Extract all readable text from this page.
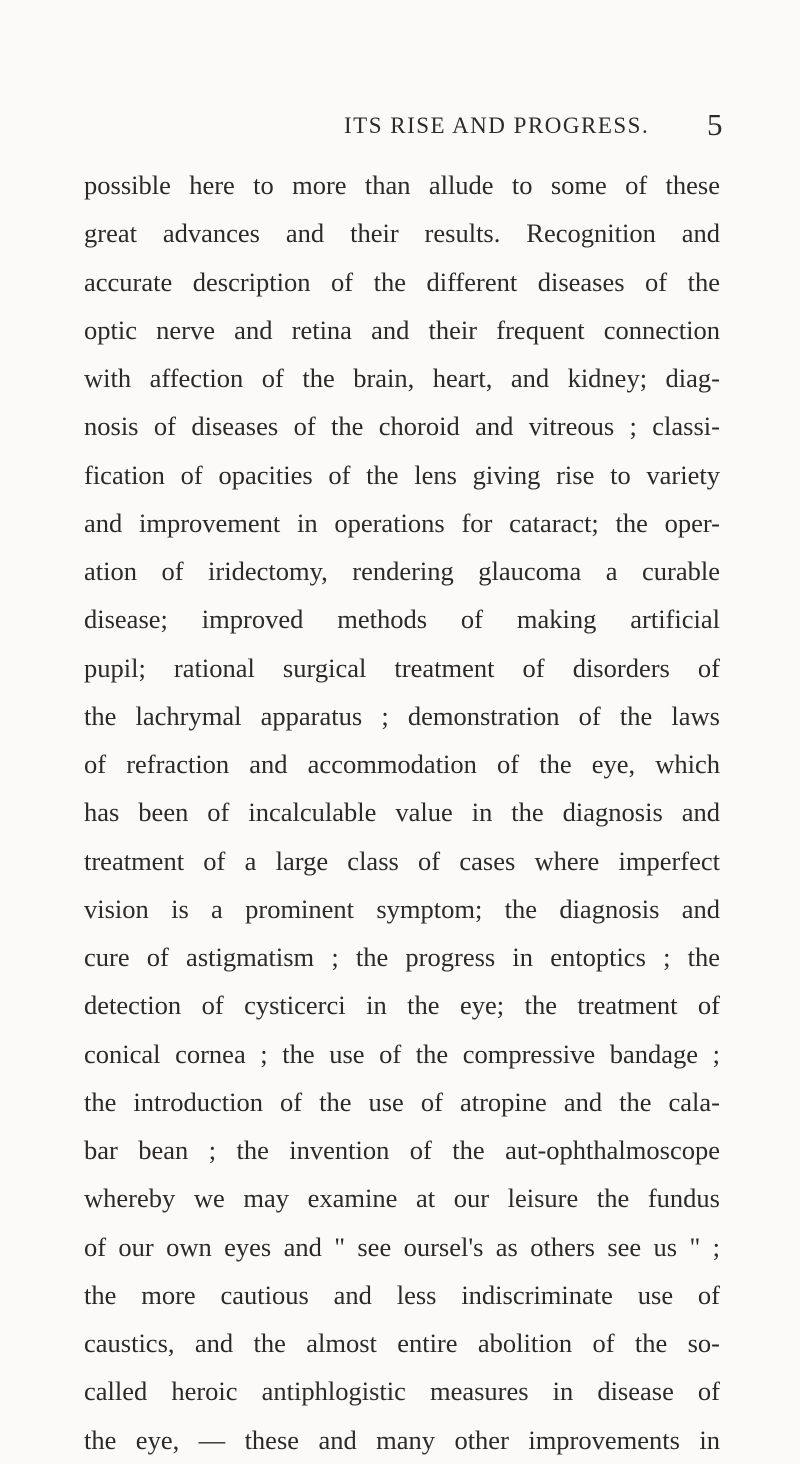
ITS RISE AND PROGRESS. 5
possible here to more than allude to some of these
great advances and their results. Recognition and
accurate description of the different diseases of the
optic nerve and retina and their frequent connection
with affection of the brain, heart, and kidney; diag-
nosis of diseases of the choroid and vitreous ; classi-
fication of opacities of the lens giving rise to variety
and improvement in operations for cataract; the oper-
ation of iridectomy, rendering glaucoma a curable
disease; improved methods of making artificial
pupil; rational surgical treatment of disorders of
the lachrymal apparatus ; demonstration of the laws
of refraction and accommodation of the eye, which
has been of incalculable value in the diagnosis and
treatment of a large class of cases where imperfect
vision is a prominent symptom; the diagnosis and
cure of astigmatism ; the progress in entoptics ; the
detection of cysticerci in the eye; the treatment of
conical cornea ; the use of the compressive bandage ;
the introduction of the use of atropine and the cala-
bar bean ; the invention of the aut-ophthalmoscope
whereby we may examine at our leisure the fundus
of our own eyes and " see oursel's as others see us " ;
the more cautious and less indiscriminate use of
caustics, and the almost entire abolition of the so-
called heroic antiphlogistic measures in disease of
the eye, — these and many other improvements in
